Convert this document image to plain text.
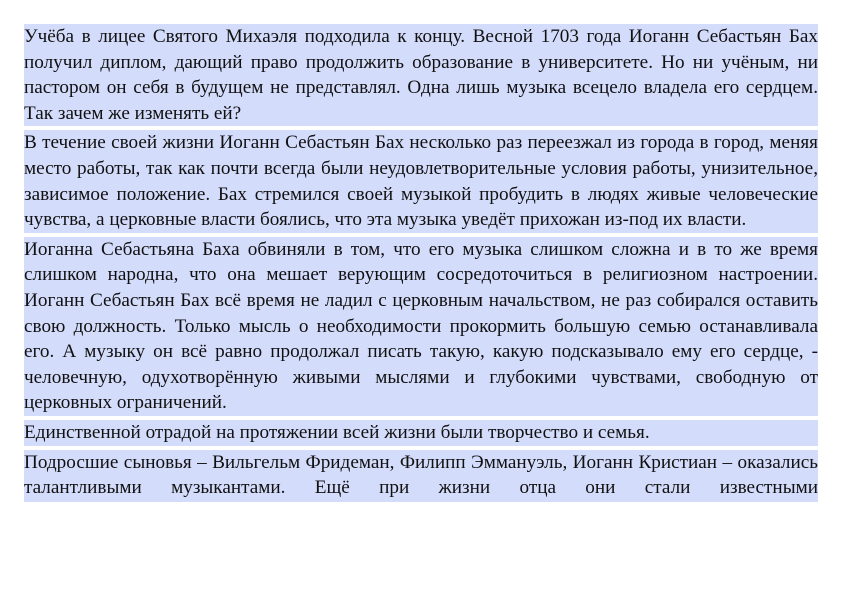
Учёба в лицее Святого Михаэля подходила к концу. Весной 1703 года Иоганн Себастьян Бах получил диплом, дающий право продолжить образование в университете. Но ни учёным, ни пастором он себя в будущем не представлял. Одна лишь музыка всецело владела его сердцем. Так зачем же изменять ей?

В течение своей жизни Иоганн Себастьян Бах несколько раз переезжал из города в город, меняя место работы, так как почти всегда были неудовлетворительные условия работы, унизительное, зависимое положение. Бах стремился своей музыкой пробудить в людях живые человеческие чувства, а церковные власти боялись, что эта музыка уведёт прихожан из-под их власти.

Иоганна Себастьяна Баха обвиняли в том, что его музыка слишком сложна и в то же время слишком народна, что она мешает верующим сосредоточиться в религиозном настроении. Иоганн Себастьян Бах всё время не ладил с церковным начальством, не раз собирался оставить свою должность. Только мысль о необходимости прокормить большую семью останавливала его. А музыку он всё равно продолжал писать такую, какую подсказывало ему его сердце, - человечную, одухотворённую живыми мыслями и глубокими чувствами, свободную от церковных ограничений.

Единственной отрадой на протяжении всей жизни были творчество и семья.

Подросшие сыновья – Вильгельм Фридеман, Филипп Эммануэль, Иоганн Кристиан – оказались талантливыми музыкантами. Ещё при жизни отца они стали известными
